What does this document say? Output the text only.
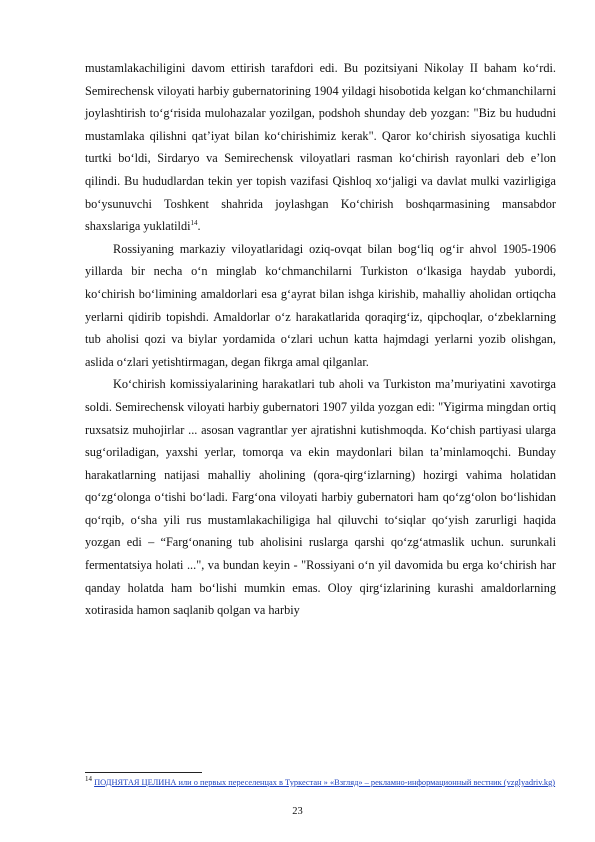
mustamlakachiligini davom ettirish tarafdori edi. Bu pozitsiyani Nikolay II baham ko‘rdi. Semirechensk viloyati harbiy gubernatorining 1904 yildagi hisobotida kelgan ko‘chmanchilarni joylashtirish to‘g‘risida mulohazalar yozilgan, podshoh shunday deb yozgan: "Biz bu hududni mustamlaka qilishni qat’iyat bilan ko‘chirishimiz kerak". Qaror ko‘chirish siyosatiga kuchli turtki bo‘ldi, Sirdaryo va Semirechensk viloyatlari rasman ko‘chirish rayonlari deb e’lon qilindi. Bu hududlardan tekin yer topish vazifasi Qishloq xo‘jaligi va davlat mulki vazirligiga bo‘ysunuvchi Toshkent shahrida joylashgan Ko‘chirish boshqarmasining mansabdor shaxslariga yuklatildi$^{14}$.

Rossiyaning markaziy viloyatlaridagi oziq-ovqat bilan bog‘liq og‘ir ahvol 1905-1906 yillarda bir necha o‘n minglab ko‘chmanchilarni Turkiston o‘lkasiga haydab yubordi, ko‘chirish bo‘limining amaldorlari esa g‘ayrat bilan ishga kirishib, mahalliy aholidan ortiqcha yerlarni qidirib topishdi. Amaldorlar o‘z harakatlarida qoraqirg‘iz, qipchoqlar, o‘zbeklarning tub aholisi qozi va biylar yordamida o‘zlari uchun katta hajmdagi yerlarni yozib olishgan, aslida o‘zlari yetishtirmagan, degan fikrga amal qilganlar.

Ko‘chirish komissiyalarining harakatlari tub aholi va Turkiston ma’muriyatini xavotirga soldi. Semirechensk viloyati harbiy gubernatori 1907 yilda yozgan edi: "Yigirma mingdan ortiq ruxsatsiz muhojirlar ... asosan vagrantlar yer ajratishni kutishmoqda. Ko‘chish partiyasi ularga sug‘oriladigan, yaxshi yerlar, tomorqa va ekin maydonlari bilan ta’minlamoqchi. Bunday harakatlarning natijasi mahalliy aholining (qora-qirg‘izlarning) hozirgi vahima holatidan qo‘zg‘olonga o‘tishi bo‘ladi. Farg‘ona viloyati harbiy gubernatori ham qo‘zg‘olon bo‘lishidan qo‘rqib, o‘sha yili rus mustamlakachiligiga hal qiluvchi to‘siqlar qo‘yish zarurligi haqida yozgan edi – “Farg‘onaning tub aholisini ruslarga qarshi qo‘zg‘atmaslik uchun. surunkali fermentatsiya holati ...", va bundan keyin - "Rossiyani o‘n yil davomida bu erga ko‘chirish har qanday holatda ham bo‘lishi mumkin emas. Oloy qirg‘izlarining kurashi amaldorlarning xotirasida hamon saqlanib qolgan va harbiy

$^{14}$ ПОДНЯТАЯ ЦЕЛИНА или о первых переселенцах в Туркестан » «Взгляд» – рекламно-информационный вестник (vzglyadriv.kg)
23
